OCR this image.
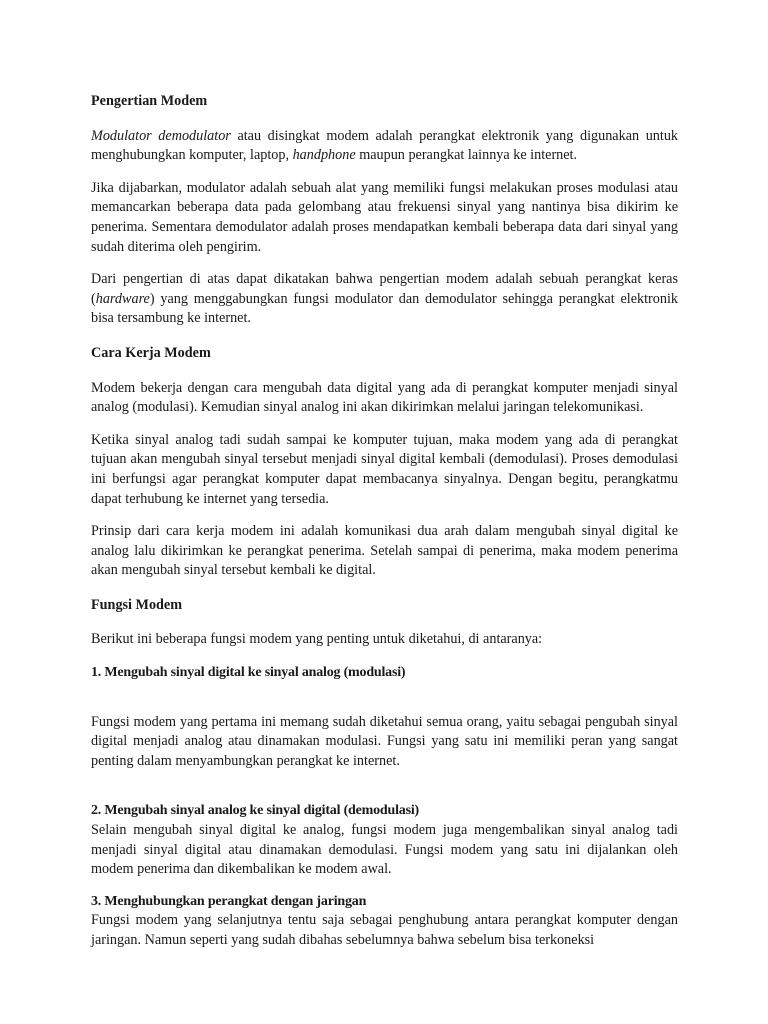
Pengertian Modem

Modulator demodulator atau disingkat modem adalah perangkat elektronik yang digunakan untuk menghubungkan komputer, laptop, handphone maupun perangkat lainnya ke internet.

Jika dijabarkan, modulator adalah sebuah alat yang memiliki fungsi melakukan proses modulasi atau memancarkan beberapa data pada gelombang atau frekuensi sinyal yang nantinya bisa dikirim ke penerima. Sementara demodulator adalah proses mendapatkan kembali beberapa data dari sinyal yang sudah diterima oleh pengirim.

Dari pengertian di atas dapat dikatakan bahwa pengertian modem adalah sebuah perangkat keras (hardware) yang menggabungkan fungsi modulator dan demodulator sehingga perangkat elektronik bisa tersambung ke internet.

Cara Kerja Modem

Modem bekerja dengan cara mengubah data digital yang ada di perangkat komputer menjadi sinyal analog (modulasi). Kemudian sinyal analog ini akan dikirimkan melalui jaringan telekomunikasi.

Ketika sinyal analog tadi sudah sampai ke komputer tujuan, maka modem yang ada di perangkat tujuan akan mengubah sinyal tersebut menjadi sinyal digital kembali (demodulasi). Proses demodulasi ini berfungsi agar perangkat komputer dapat membacanya sinyalnya. Dengan begitu, perangkatmu dapat terhubung ke internet yang tersedia.

Prinsip dari cara kerja modem ini adalah komunikasi dua arah dalam mengubah sinyal digital ke analog lalu dikirimkan ke perangkat penerima. Setelah sampai di penerima, maka modem penerima akan mengubah sinyal tersebut kembali ke digital.

Fungsi Modem

Berikut ini beberapa fungsi modem yang penting untuk diketahui, di antaranya:

1. Mengubah sinyal digital ke sinyal analog (modulasi)

Fungsi modem yang pertama ini memang sudah diketahui semua orang, yaitu sebagai pengubah sinyal digital menjadi analog atau dinamakan modulasi. Fungsi yang satu ini memiliki peran yang sangat penting dalam menyambungkan perangkat ke internet.

2. Mengubah sinyal analog ke sinyal digital (demodulasi)

Selain mengubah sinyal digital ke analog, fungsi modem juga mengembalikan sinyal analog tadi menjadi sinyal digital atau dinamakan demodulasi. Fungsi modem yang satu ini dijalankan oleh modem penerima dan dikembalikan ke modem awal.

3. Menghubungkan perangkat dengan jaringan

Fungsi modem yang selanjutnya tentu saja sebagai penghubung antara perangkat komputer dengan jaringan. Namun seperti yang sudah dibahas sebelumnya bahwa sebelum bisa terkoneksi
